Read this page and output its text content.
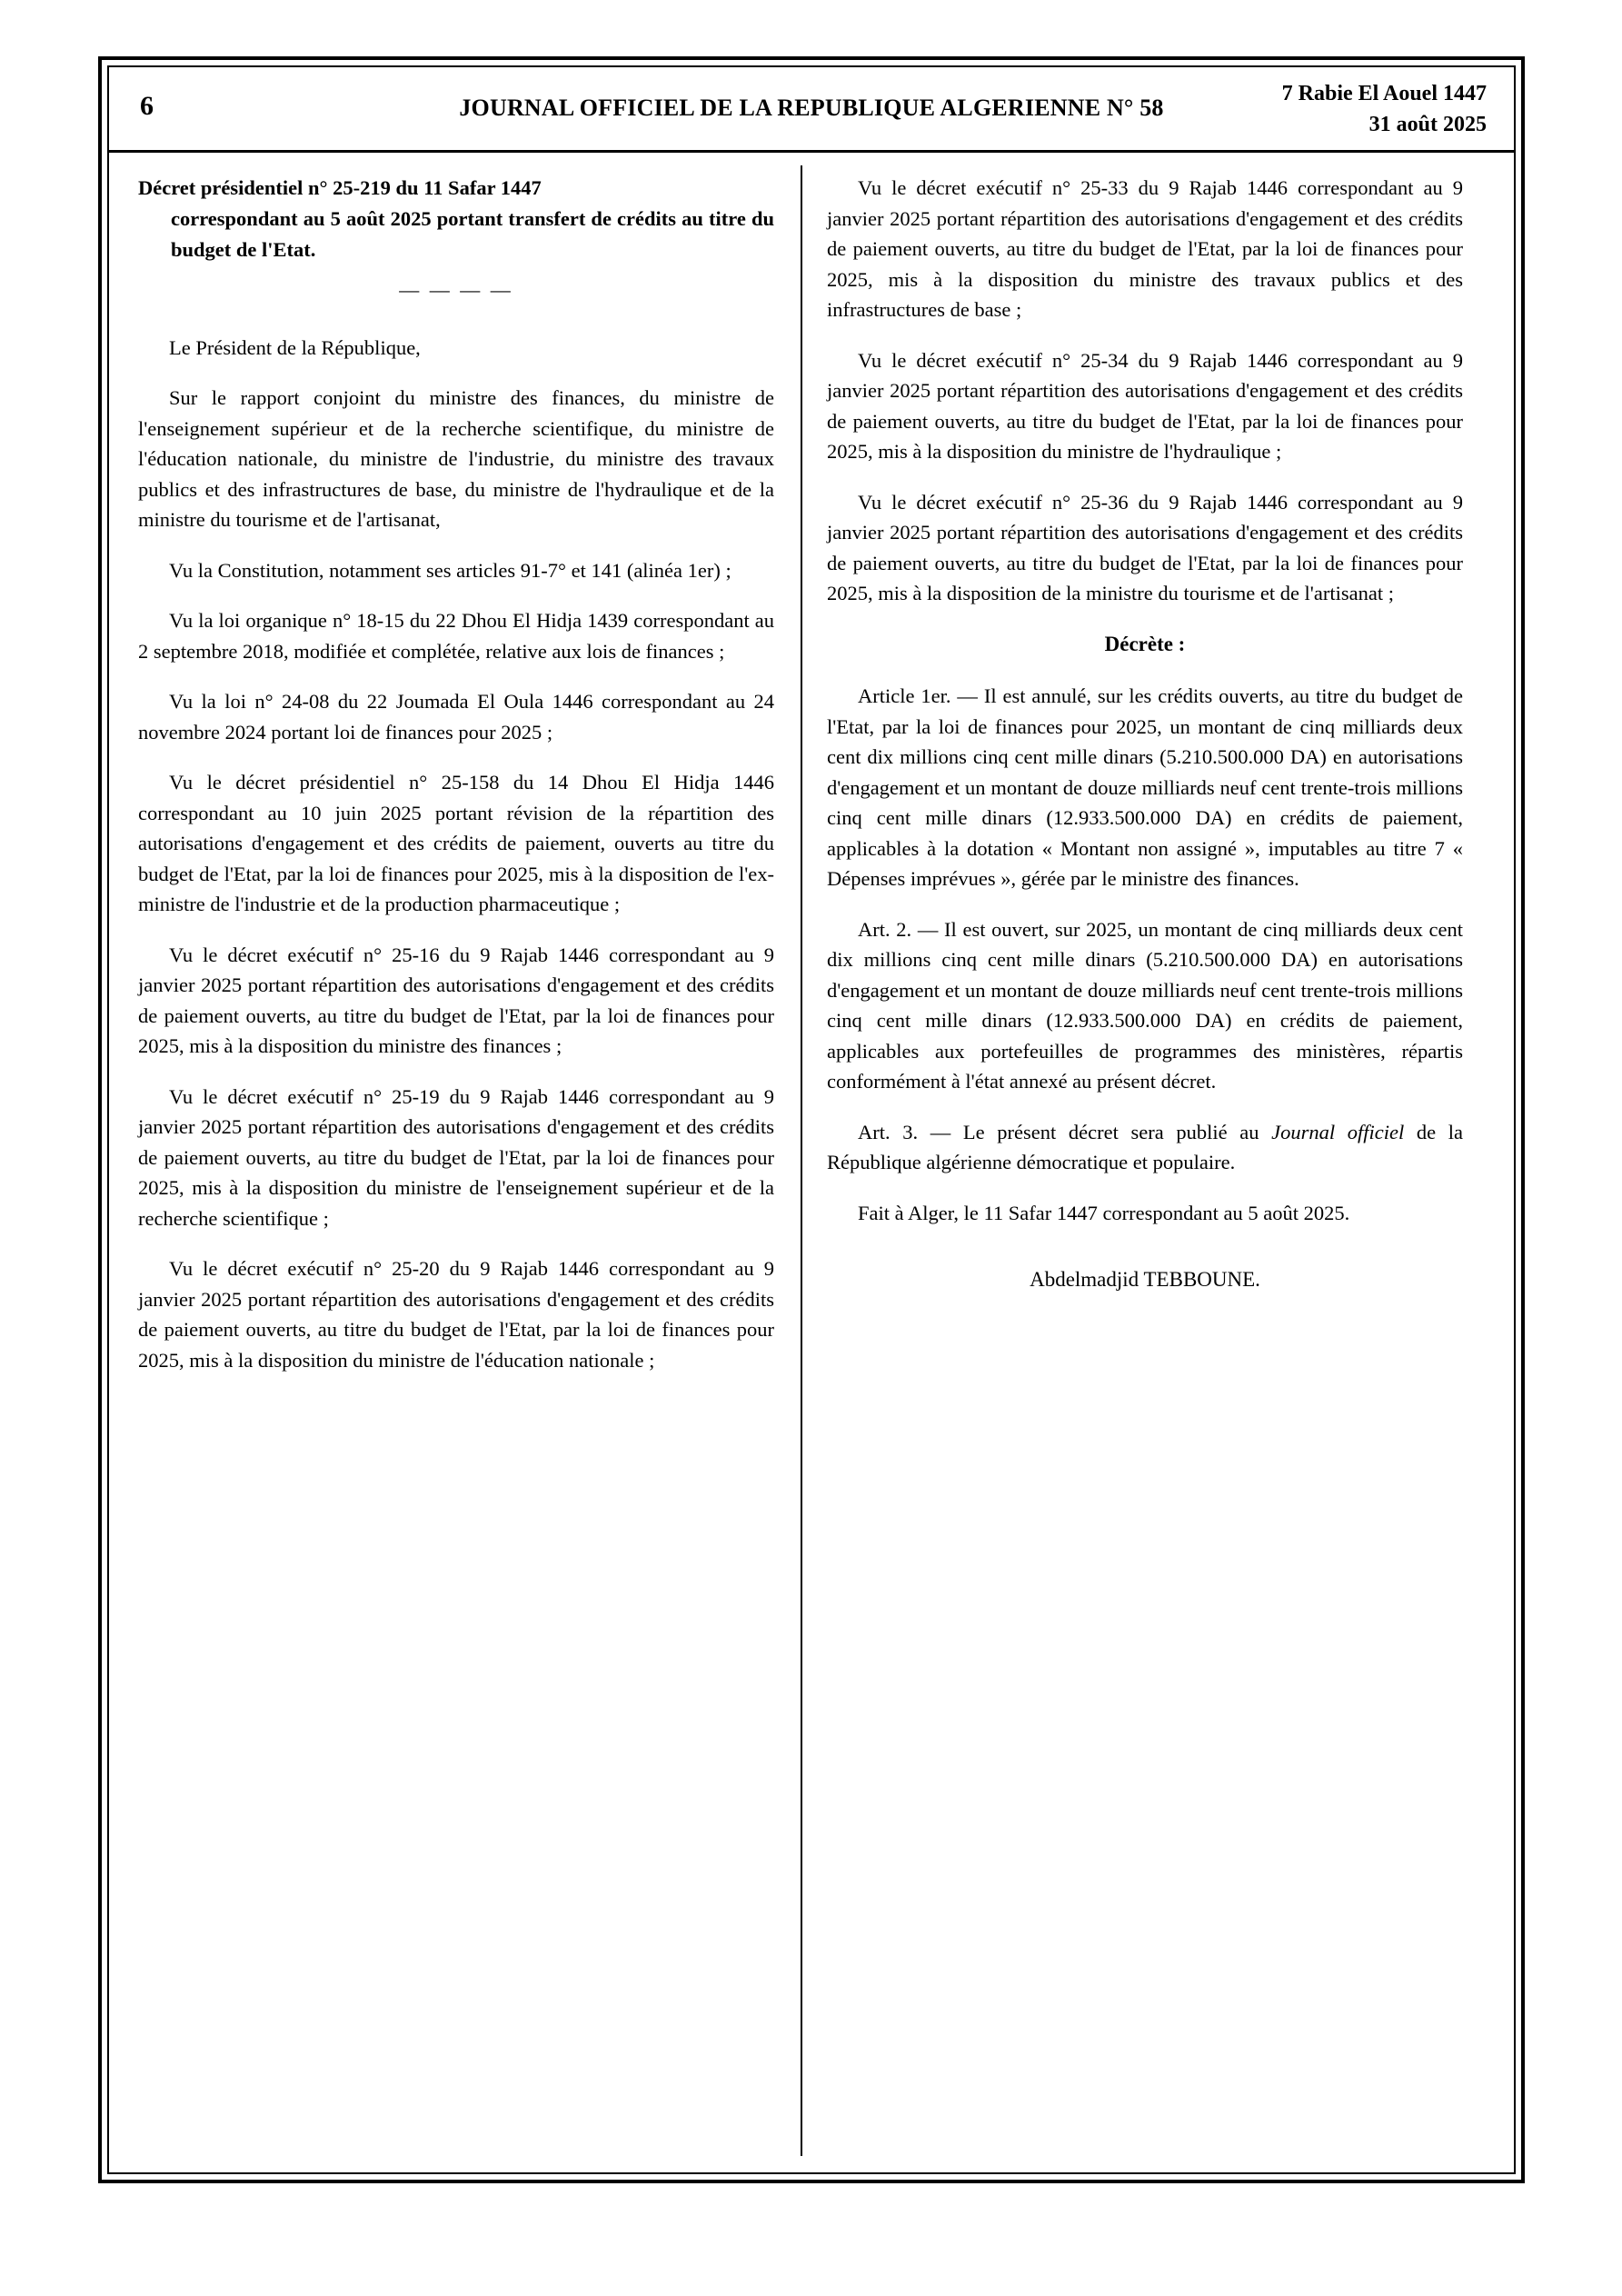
6	JOURNAL OFFICIEL DE LA REPUBLIQUE ALGERIENNE N° 58
7 Rabie El Aouel 1447
31 août 2025
Décret présidentiel n° 25-219 du 11 Safar 1447
correspondant au 5 août 2025 portant transfert de crédits au titre du budget de l'Etat.
— — — —

Le Président de la République,

Sur le rapport conjoint du ministre des finances, du ministre de l'enseignement supérieur et de la recherche scientifique, du ministre de l'éducation nationale, du ministre de l'industrie, du ministre des travaux publics et des infrastructures de base, du ministre de l'hydraulique et de la ministre du tourisme et de l'artisanat,

Vu la Constitution, notamment ses articles 91-7° et 141 (alinéa 1er) ;

Vu la loi organique n° 18-15 du 22 Dhou El Hidja 1439 correspondant au 2 septembre 2018, modifiée et complétée, relative aux lois de finances ;

Vu la loi n° 24-08 du 22 Joumada El Oula 1446 correspondant au 24 novembre 2024 portant loi de finances pour 2025 ;

Vu le décret présidentiel n° 25-158 du 14 Dhou El Hidja 1446 correspondant au 10 juin 2025 portant révision de la répartition des autorisations d'engagement et des crédits de paiement, ouverts au titre du budget de l'Etat, par la loi de finances pour 2025, mis à la disposition de l'ex-ministre de l'industrie et de la production pharmaceutique ;

Vu le décret exécutif n° 25-16 du 9 Rajab 1446 correspondant au 9 janvier 2025 portant répartition des autorisations d'engagement et des crédits de paiement ouverts, au titre du budget de l'Etat, par la loi de finances pour 2025, mis à la disposition du ministre des finances ;

Vu le décret exécutif n° 25-19 du 9 Rajab 1446 correspondant au 9 janvier 2025 portant répartition des autorisations d'engagement et des crédits de paiement ouverts, au titre du budget de l'Etat, par la loi de finances pour 2025, mis à la disposition du ministre de l'enseignement supérieur et de la recherche scientifique ;

Vu le décret exécutif n° 25-20 du 9 Rajab 1446 correspondant au 9 janvier 2025 portant répartition des autorisations d'engagement et des crédits de paiement ouverts, au titre du budget de l'Etat, par la loi de finances pour 2025, mis à la disposition du ministre de l'éducation nationale ;

Vu le décret exécutif n° 25-33 du 9 Rajab 1446 correspondant au 9 janvier 2025 portant répartition des autorisations d'engagement et des crédits de paiement ouverts, au titre du budget de l'Etat, par la loi de finances pour 2025, mis à la disposition du ministre des travaux publics et des infrastructures de base ;

Vu le décret exécutif n° 25-34 du 9 Rajab 1446 correspondant au 9 janvier 2025 portant répartition des autorisations d'engagement et des crédits de paiement ouverts, au titre du budget de l'Etat, par la loi de finances pour 2025, mis à la disposition du ministre de l'hydraulique ;

Vu le décret exécutif n° 25-36 du 9 Rajab 1446 correspondant au 9 janvier 2025 portant répartition des autorisations d'engagement et des crédits de paiement ouverts, au titre du budget de l'Etat, par la loi de finances pour 2025, mis à la disposition de la ministre du tourisme et de l'artisanat ;

Décrète :

Article 1er. — Il est annulé, sur les crédits ouverts, au titre du budget de l'Etat, par la loi de finances pour 2025, un montant de cinq milliards deux cent dix millions cinq cent mille dinars (5.210.500.000 DA) en autorisations d'engagement et un montant de douze milliards neuf cent trente-trois millions cinq cent mille dinars (12.933.500.000 DA) en crédits de paiement, applicables à la dotation « Montant non assigné », imputables au titre 7 « Dépenses imprévues », gérée par le ministre des finances.

Art. 2. — Il est ouvert, sur 2025, un montant de cinq milliards deux cent dix millions cinq cent mille dinars (5.210.500.000 DA) en autorisations d'engagement et un montant de douze milliards neuf cent trente-trois millions cinq cent mille dinars (12.933.500.000 DA) en crédits de paiement, applicables aux portefeuilles de programmes des ministères, répartis conformément à l'état annexé au présent décret.

Art. 3. — Le présent décret sera publié au Journal officiel de la République algérienne démocratique et populaire.

Fait à Alger, le 11 Safar 1447 correspondant au 5 août 2025.

Abdelmadjid TEBBOUNE.
